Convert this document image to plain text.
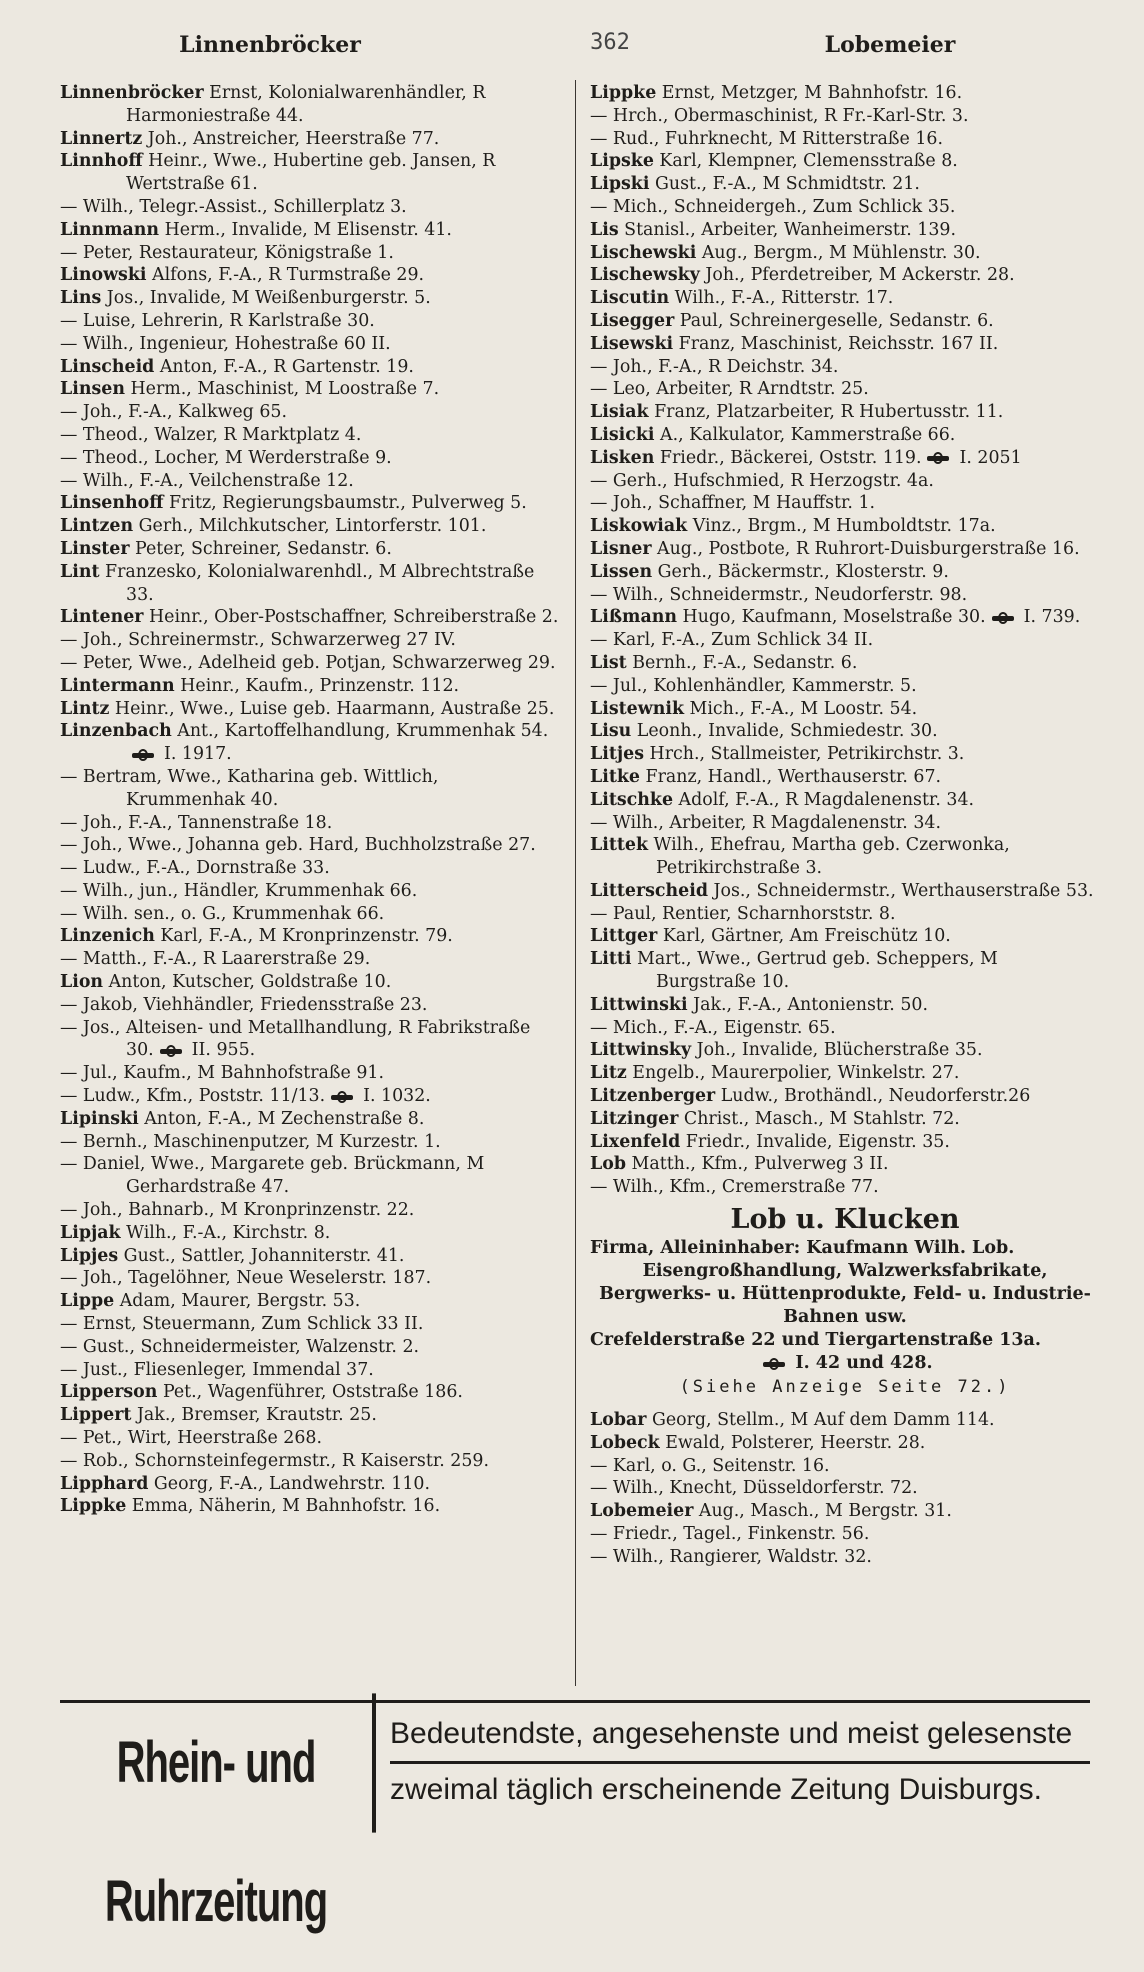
Linnenbröcker	362	Lobemeier
Linnenbröcker Ernst, Kolonialwarenhändler, R Harmoniestraße 44.
Linnertz Joh., Anstreicher, Heerstraße 77.
Linnhoff Heinr., Wwe., Hubertine geb. Jansen, R Wertstraße 61.
— Wilh., Telegr.-Assist., Schillerplatz 3.
Linnmann Herm., Invalide, M Elisenstr. 41.
— Peter, Restaurateur, Königstraße 1.
Linowski Alfons, F.-A., R Turmstraße 29.
Lins Jos., Invalide, M Weißenburgerstr. 5.
— Luise, Lehrerin, R Karlstraße 30.
— Wilh., Ingenieur, Hohestraße 60 II.
Linscheid Anton, F.-A., R Gartenstr. 19.
Linsen Herm., Maschinist, M Loostraße 7.
— Joh., F.-A., Kalkweg 65.
— Theod., Walzer, R Marktplatz 4.
— Theod., Locher, M Werderstraße 9.
— Wilh., F.-A., Veilchenstraße 12.
Linsenhoff Fritz, Regierungsbaumstr., Pulverweg 5.
Lintzen Gerh., Milchkutscher, Lintorferstr. 101.
Linster Peter, Schreiner, Sedanstr. 6.
Lint Franzesko, Kolonialwarenhdl., M Albrechtstraße 33.
Lintener Heinr., Ober-Postschaffner, Schreiberstraße 2.
— Joh., Schreinermstr., Schwarzerweg 27 IV.
— Peter, Wwe., Adelheid geb. Potjan, Schwarzerweg 29.
Lintermann Heinr., Kaufm., Prinzenstr. 112.
Lintz Heinr., Wwe., Luise geb. Haarmann, Austraße 25.
Linzenbach Ant., Kartoffelhandlung, Krummenhak 54.I. 1917.
— Bertram, Wwe., Katharina geb. Wittlich, Krummenhak 40.
— Joh., F.-A., Tannenstraße 18.
— Joh., Wwe., Johanna geb. Hard, Buchholzstraße 27.
— Ludw., F.-A., Dornstraße 33.
— Wilh., jun., Händler, Krummenhak 66.
— Wilh. sen., o. G., Krummenhak 66.
Linzenich Karl, F.-A., M Kronprinzenstr. 79.
— Matth., F.-A., R Laarerstraße 29.
Lion Anton, Kutscher, Goldstraße 10.
— Jakob, Viehhändler, Friedensstraße 23.
— Jos., Alteisen- und Metallhandlung, R Fabrikstraße 30. II. 955.
— Jul., Kaufm., M Bahnhofstraße 91.
— Ludw., Kfm., Poststr. 11/13. I. 1032.
Lipinski Anton, F.-A., M Zechenstraße 8.
— Bernh., Maschinenputzer, M Kurzestr. 1.
— Daniel, Wwe., Margarete geb. Brückmann, M Gerhardstraße 47.
— Joh., Bahnarb., M Kronprinzenstr. 22.
Lipjak Wilh., F.-A., Kirchstr. 8.
Lipjes Gust., Sattler, Johanniterstr. 41.
— Joh., Tagelöhner, Neue Weselerstr. 187.
Lippe Adam, Maurer, Bergstr. 53.
— Ernst, Steuermann, Zum Schlick 33 II.
— Gust., Schneidermeister, Walzenstr. 2.
— Just., Fliesenleger, Immendal 37.
Lipperson Pet., Wagenführer, Oststraße 186.
Lippert Jak., Bremser, Krautstr. 25.
— Pet., Wirt, Heerstraße 268.
— Rob., Schornsteinfegermstr., R Kaiserstr. 259.
Lipphard Georg, F.-A., Landwehrstr. 110.
Lippke Emma, Näherin, M Bahnhofstr. 16.
Lippke Ernst, Metzger, M Bahnhofstr. 16.
— Hrch., Obermaschinist, R Fr.-Karl-Str. 3.
— Rud., Fuhrknecht, M Ritterstraße 16.
Lipske Karl, Klempner, Clemensstraße 8.
Lipski Gust., F.-A., M Schmidtstr. 21.
— Mich., Schneidergeh., Zum Schlick 35.
Lis Stanisl., Arbeiter, Wanheimerstr. 139.
Lischewski Aug., Bergm., M Mühlenstr. 30.
Lischewsky Joh., Pferdetreiber, M Ackerstr. 28.
Liscutin Wilh., F.-A., Ritterstr. 17.
Lisegger Paul, Schreinergeselle, Sedanstr. 6.
Lisewski Franz, Maschinist, Reichsstr. 167 II.
— Joh., F.-A., R Deichstr. 34.
— Leo, Arbeiter, R Arndtstr. 25.
Lisiak Franz, Platzarbeiter, R Hubertusstr. 11.
Lisicki A., Kalkulator, Kammerstraße 66.
Lisken Friedr., Bäckerei, Oststr. 119. I. 2051
— Gerh., Hufschmied, R Herzogstr. 4a.
— Joh., Schaffner, M Hauffstr. 1.
Liskowiak Vinz., Brgm., M Humboldtstr. 17a.
Lisner Aug., Postbote, R Ruhrort-Duisburgerstraße 16.
Lissen Gerh., Bäckermstr., Klosterstr. 9.
— Wilh., Schneidermstr., Neudorferstr. 98.
Lißmann Hugo, Kaufmann, Moselstraße 30. I. 739.
— Karl, F.-A., Zum Schlick 34 II.
List Bernh., F.-A., Sedanstr. 6.
— Jul., Kohlenhändler, Kammerstr. 5.
Listewnik Mich., F.-A., M Loostr. 54.
Lisu Leonh., Invalide, Schmiedestr. 30.
Litjes Hrch., Stallmeister, Petrikirchstr. 3.
Litke Franz, Handl., Werthauserstr. 67.
Litschke Adolf, F.-A., R Magdalenenstr. 34.
— Wilh., Arbeiter, R Magdalenenstr. 34.
Littek Wilh., Ehefrau, Martha geb. Czerwonka, Petrikirchstraße 3.
Litterscheid Jos., Schneidermstr., Werthauserstraße 53.
— Paul, Rentier, Scharnhorststr. 8.
Littger Karl, Gärtner, Am Freischütz 10.
Litti Mart., Wwe., Gertrud geb. Scheppers, M Burgstraße 10.
Littwinski Jak., F.-A., Antonienstr. 50.
— Mich., F.-A., Eigenstr. 65.
Littwinsky Joh., Invalide, Blücherstraße 35.
Litz Engelb., Maurerpolier, Winkelstr. 27.
Litzenberger Ludw., Brothändl., Neudorferstr.26
Litzinger Christ., Masch., M Stahlstr. 72.
Lixenfeld Friedr., Invalide, Eigenstr. 35.
Lob Matth., Kfm., Pulverweg 3 II.
— Wilh., Kfm., Cremerstraße 77.
Lob u. Klucken
Firma, Alleininhaber: Kaufmann Wilh. Lob.
Eisengroßhandlung, Walzwerksfabrikate, Bergwerks- u. Hüttenprodukte, Feld- u. Industrie-Bahnen usw.
Crefelderstraße 22 und Tiergartenstraße 13a.
I. 42 und 428.
(Siehe Anzeige Seite 72.)
Lobar Georg, Stellm., M Auf dem Damm 114.
Lobeck Ewald, Polsterer, Heerstr. 28.
— Karl, o. G., Seitenstr. 16.
— Wilh., Knecht, Düsseldorferstr. 72.
Lobemeier Aug., Masch., M Bergstr. 31.
— Friedr., Tagel., Finkenstr. 56.
— Wilh., Rangierer, Waldstr. 32.
Rhein- und Ruhrzeitung
Bedeutendste, angesehenste und meist gelesenste
zweimal täglich erscheinende Zeitung Duisburgs.
